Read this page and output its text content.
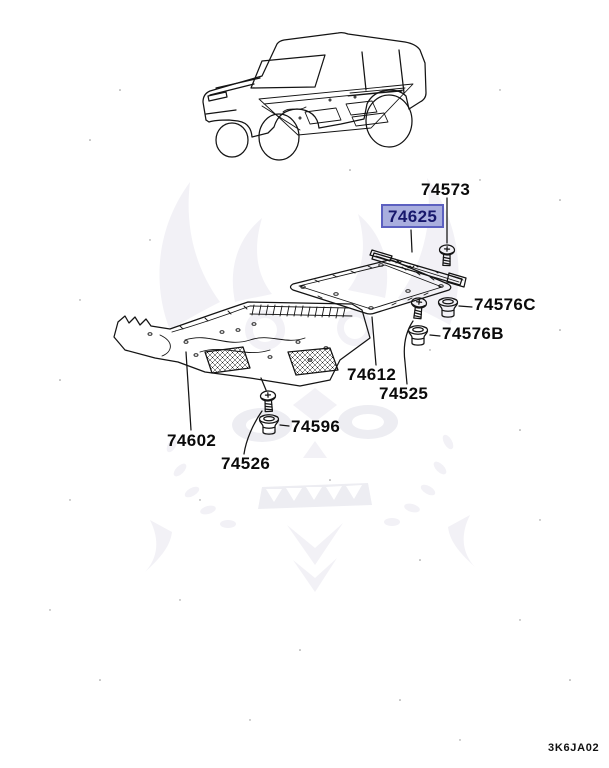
74573
74625
74576C
74576B
74612
74525
74602
74596
74526
3K6JA02
